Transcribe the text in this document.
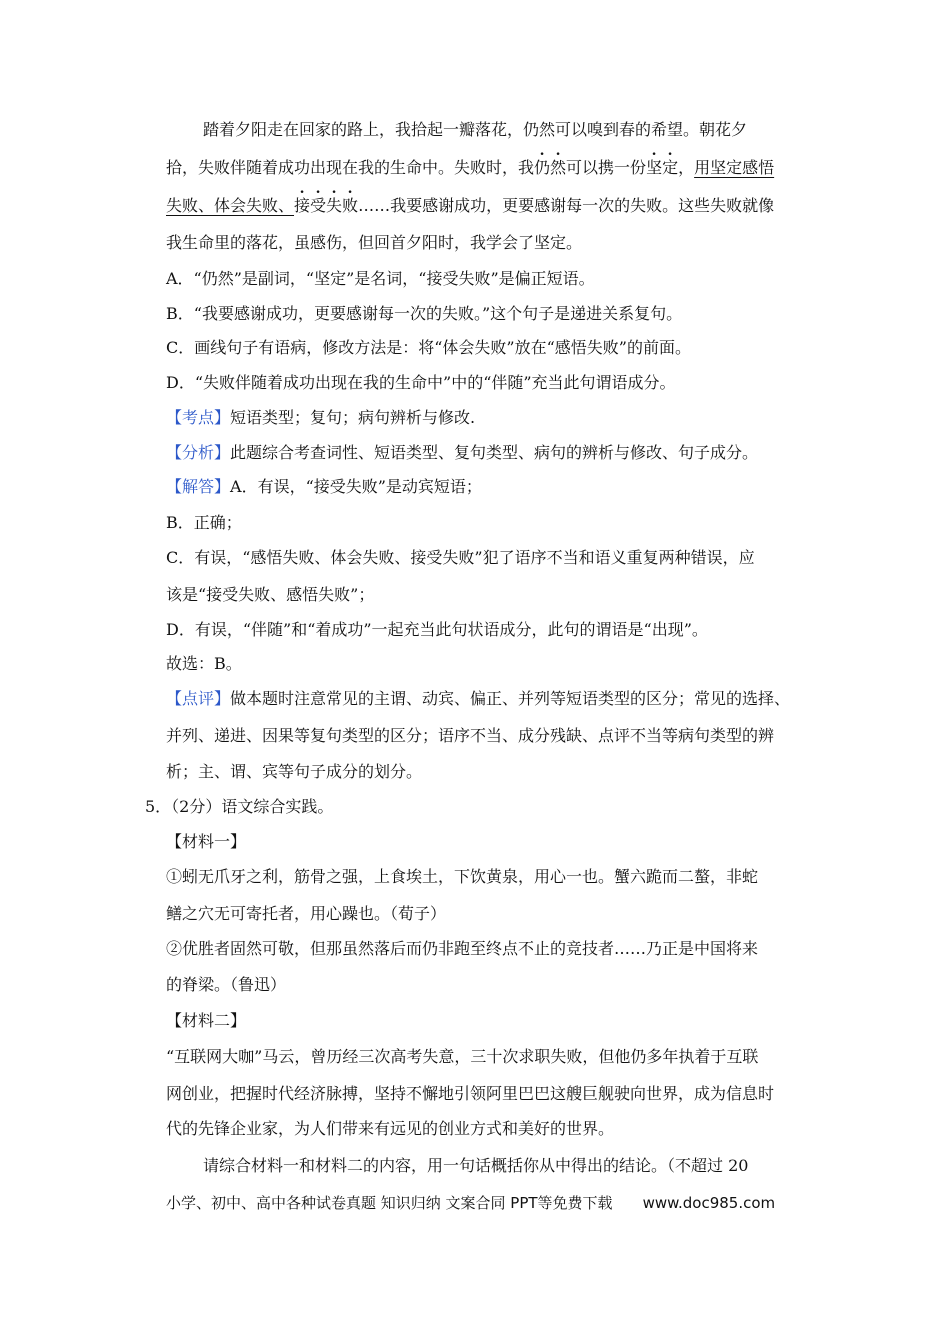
踏着夕阳走在回家的路上，我拾起一瓣落花，仍然可以嗅到春的希望。朝花夕
拾，失败伴随着成功出现在我的生命中。失败时，我仍然可以携一份坚定，用坚定感悟
失败、体会失败、接受失败……我要感谢成功，更要感谢每一次的失败。这些失败就像
我生命里的落花，虽感伤，但回首夕阳时，我学会了坚定。
A．“仍然”是副词，“坚定”是名词，“接受失败”是偏正短语。
B．“我要感谢成功，更要感谢每一次的失败。”这个句子是递进关系复句。
C．画线句子有语病，修改方法是：将“体会失败”放在“感悟失败”的前面。
D．“失败伴随着成功出现在我的生命中”中的“伴随”充当此句谓语成分。
【考点】短语类型；复句；病句辨析与修改.
【分析】此题综合考查词性、短语类型、复句类型、病句的辨析与修改、句子成分。
【解答】A．有误，“接受失败”是动宾短语；
B．正确；
C．有误，“感悟失败、体会失败、接受失败”犯了语序不当和语义重复两种错误，应
该是“接受失败、感悟失败”；
D．有误，“伴随”和“着成功”一起充当此句状语成分，此句的谓语是“出现”。
故选：B。
【点评】做本题时注意常见的主谓、动宾、偏正、并列等短语类型的区分；常见的选择、
并列、递进、因果等复句类型的区分；语序不当、成分残缺、点评不当等病句类型的辨
析；主、谓、宾等句子成分的划分。
5．（2分）语文综合实践。
【材料一】
①蚓无爪牙之利，筋骨之强，上食埃土，下饮黄泉，用心一也。蟹六跪而二螯，非蛇
鳝之穴无可寄托者，用心躁也。（荀子）
②优胜者固然可敬，但那虽然落后而仍非跑至终点不止的竞技者……乃正是中国将来
的脊梁。（鲁迅）
【材料二】
“互联网大咖”马云，曾历经三次高考失意，三十次求职失败，但他仍多年执着于互联
网创业，把握时代经济脉搏，坚持不懈地引领阿里巴巴这艘巨舰驶向世界，成为信息时
代的先锋企业家，为人们带来有远见的创业方式和美好的世界。
请综合材料一和材料二的内容，用一句话概括你从中得出的结论。（不超过 20
小学、初中、高中各种试卷真题 知识归纳 文案合同 PPT等免费下载 www.doc985.com
